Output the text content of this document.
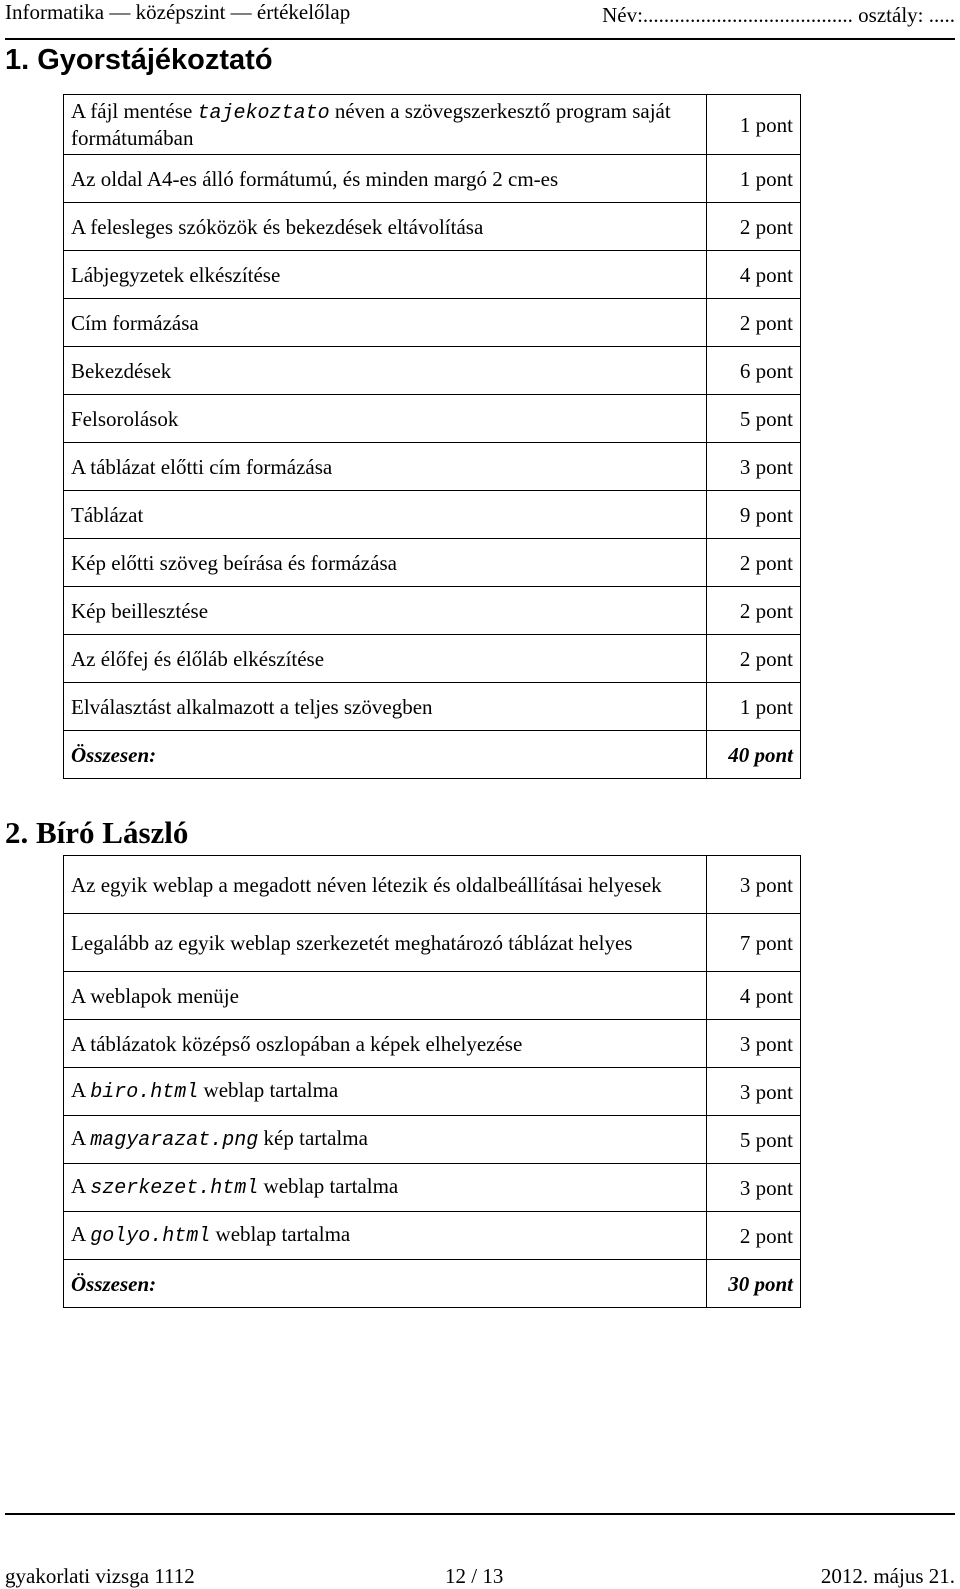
Informatika — középszint — értékelőlap	Név:........................................ osztály: .....
1. Gyorstájékoztató
A fájl mentése tajekoztato néven a szövegszerkesztő program saját formátumában	1 pont	
Az oldal A4-es álló formátumú, és minden margó 2 cm-es	1 pont	
A felesleges szóközök és bekezdések eltávolítása	2 pont	
Lábjegyzetek elkészítése	4 pont	
Cím formázása	2 pont	
Bekezdések	6 pont	
Felsorolások	5 pont	
A táblázat előtti cím formázása	3 pont	
Táblázat	9 pont	
Kép előtti szöveg beírása és formázása	2 pont	
Kép beillesztése	2 pont	
Az élőfej és élőláb elkészítése	2 pont	
Elválasztást alkalmazott a teljes szövegben	1 pont	
Összesen:	40 pont	
2. Bíró László
Az egyik weblap a megadott néven létezik és oldalbeállításai helyesek	3 pont	
Legalább az egyik weblap szerkezetét meghatározó táblázat helyes	7 pont	
A weblapok menüje	4 pont	
A táblázatok középső oszlopában a képek elhelyezése	3 pont	
A biro.html weblap tartalma	3 pont	
A magyarazat.png kép tartalma	5 pont	
A szerkezet.html weblap tartalma	3 pont	
A golyo.html weblap tartalma	2 pont	
Összesen:	30 pont	
gyakorlati vizsga 1112	12 / 13	2012. május 21.
